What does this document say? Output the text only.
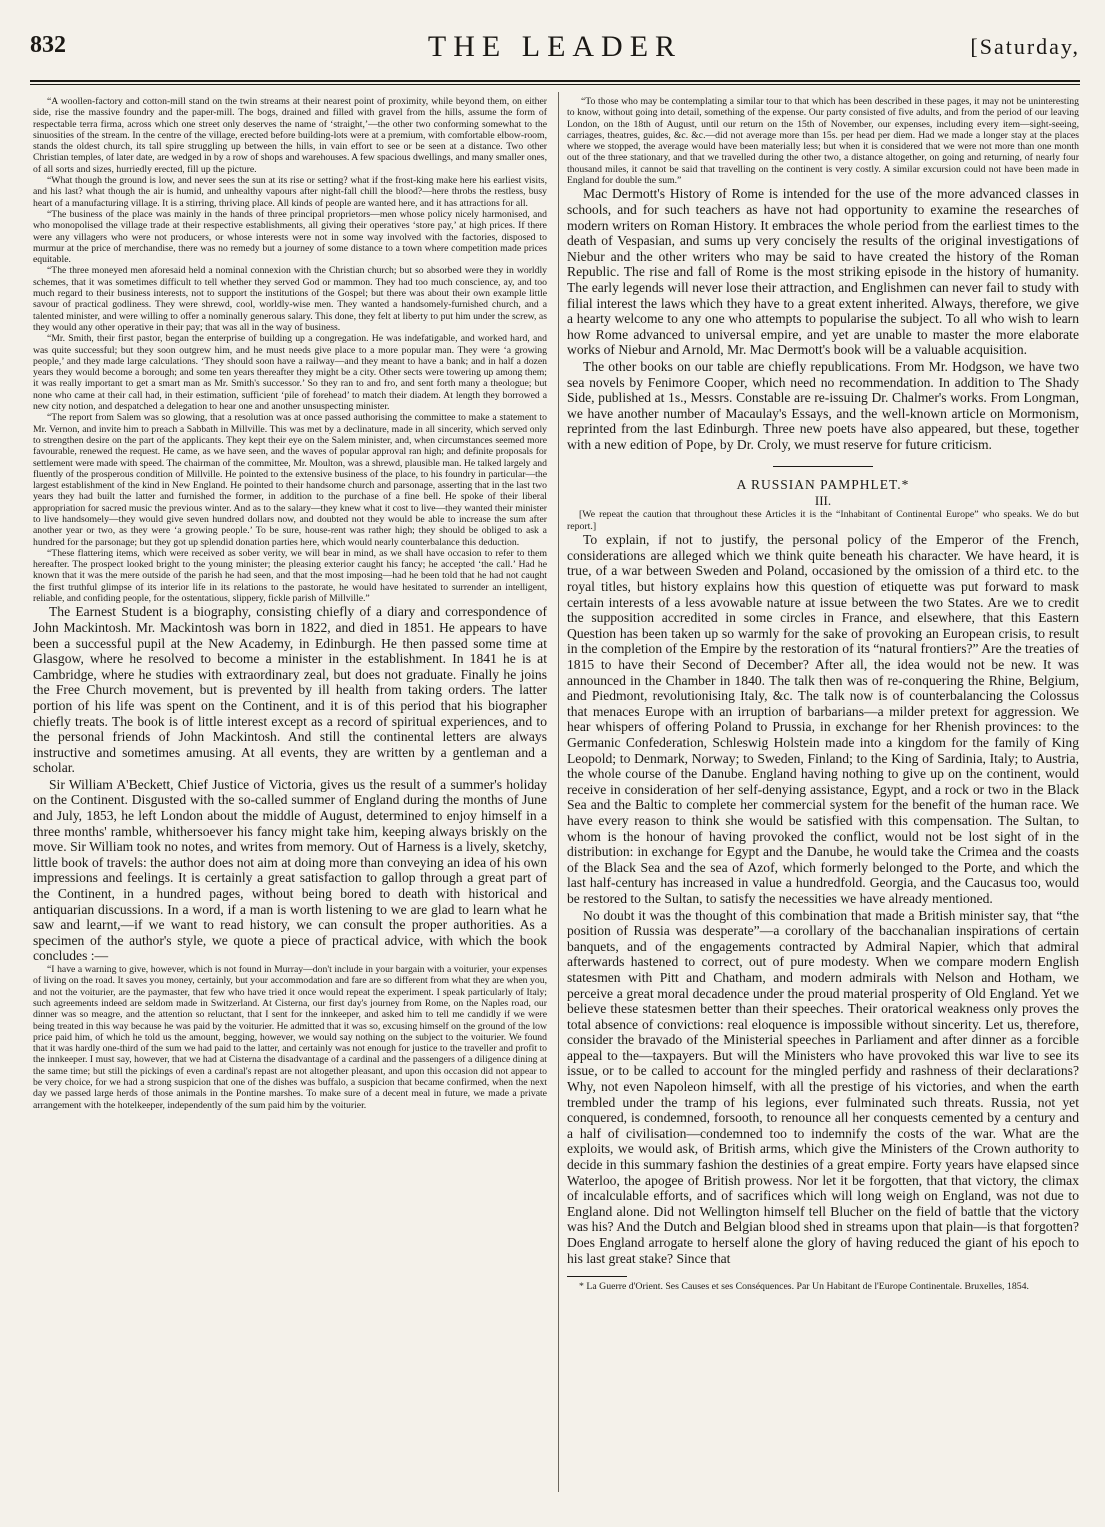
832	THE LEADER	[Saturday,

“A woollen-factory and cotton-mill stand on the twin streams at their nearest point of proximity, while beyond them, on either side, rise the massive foundry and the paper-mill. The bogs, drained and filled with gravel from the hills, assume the form of respectable terra firma, across which one street only deserves the name of ‘straight,’—the other two conforming somewhat to the sinuosities of the stream. In the centre of the village, erected before building-lots were at a premium, with comfortable elbow-room, stands the oldest church, its tall spire struggling up between the hills, in vain effort to see or be seen at a distance. Two other Christian temples, of later date, are wedged in by a row of shops and warehouses. A few spacious dwellings, and many smaller ones, of all sorts and sizes, hurriedly erected, fill up the picture.

“What though the ground is low, and never sees the sun at its rise or setting? what if the frost-king make here his earliest visits, and his last? what though the air is humid, and unhealthy vapours after night-fall chill the blood?—here throbs the restless, busy heart of a manufacturing village. It is a stirring, thriving place. All kinds of people are wanted here, and it has attractions for all.

“The business of the place was mainly in the hands of three principal proprietors—men whose policy nicely harmonised, and who monopolised the village trade at their respective establishments, all giving their operatives ‘store pay,’ at high prices. If there were any villagers who were not producers, or whose interests were not in some way involved with the factories, disposed to murmur at the price of merchandise, there was no remedy but a journey of some distance to a town where competition made prices equitable.

“The three moneyed men aforesaid held a nominal connexion with the Christian church; but so absorbed were they in worldly schemes, that it was sometimes difficult to tell whether they served God or mammon. They had too much conscience, ay, and too much regard to their business interests, not to support the institutions of the Gospel; but there was about their own example little savour of practical godliness. They were shrewd, cool, worldly-wise men. They wanted a handsomely-furnished church, and a talented minister, and were willing to offer a nominally generous salary. This done, they felt at liberty to put him under the screw, as they would any other operative in their pay; that was all in the way of business.

“Mr. Smith, their first pastor, began the enterprise of building up a congregation. He was indefatigable, and worked hard, and was quite successful; but they soon outgrew him, and he must needs give place to a more popular man. They were ‘a growing people,’ and they made large calculations. ‘They should soon have a railway—and they meant to have a bank; and in half a dozen years they would become a borough; and some ten years thereafter they might be a city. Other sects were towering up among them; it was really important to get a smart man as Mr. Smith's successor.’ So they ran to and fro, and sent forth many a theologue; but none who came at their call had, in their estimation, sufficient ‘pile of forehead’ to match their diadem. At length they borrowed a new city notion, and despatched a delegation to hear one and another unsuspecting minister.

“The report from Salem was so glowing, that a resolution was at once passed authorising the committee to make a statement to Mr. Vernon, and invite him to preach a Sabbath in Millville. This was met by a declinature, made in all sincerity, which served only to strengthen desire on the part of the applicants. They kept their eye on the Salem minister, and, when circumstances seemed more favourable, renewed the request. He came, as we have seen, and the waves of popular approval ran high; and definite proposals for settlement were made with speed. The chairman of the committee, Mr. Moulton, was a shrewd, plausible man. He talked largely and fluently of the prosperous condition of Millville. He pointed to the extensive business of the place, to his foundry in particular—the largest establishment of the kind in New England. He pointed to their handsome church and parsonage, asserting that in the last two years they had built the latter and furnished the former, in addition to the purchase of a fine bell. He spoke of their liberal appropriation for sacred music the previous winter. And as to the salary—they knew what it cost to live—they wanted their minister to live handsomely—they would give seven hundred dollars now, and doubted not they would be able to increase the sum after another year or two, as they were ‘a growing people.’ To be sure, house-rent was rather high; they should be obliged to ask a hundred for the parsonage; but they got up splendid donation parties here, which would nearly counterbalance this deduction.

“These flattering items, which were received as sober verity, we will bear in mind, as we shall have occasion to refer to them hereafter. The prospect looked bright to the young minister; the pleasing exterior caught his fancy; he accepted ‘the call.’ Had he known that it was the mere outside of the parish he had seen, and that the most imposing—had he been told that he had not caught the first truthful glimpse of its interior life in its relations to the pastorate, he would have hesitated to surrender an intelligent, reliable, and confiding people, for the ostentatious, slippery, fickle parish of Millville.”

The Earnest Student is a biography, consisting chiefly of a diary and correspondence of John Mackintosh. Mr. Mackintosh was born in 1822, and died in 1851. He appears to have been a successful pupil at the New Academy, in Edinburgh. He then passed some time at Glasgow, where he resolved to become a minister in the establishment. In 1841 he is at Cambridge, where he studies with extraordinary zeal, but does not graduate. Finally he joins the Free Church movement, but is prevented by ill health from taking orders. The latter portion of his life was spent on the Continent, and it is of this period that his biographer chiefly treats. The book is of little interest except as a record of spiritual experiences, and to the personal friends of John Mackintosh. And still the continental letters are always instructive and sometimes amusing. At all events, they are written by a gentleman and a scholar.

Sir William A'Beckett, Chief Justice of Victoria, gives us the result of a summer's holiday on the Continent. Disgusted with the so-called summer of England during the months of June and July, 1853, he left London about the middle of August, determined to enjoy himself in a three months' ramble, whithersoever his fancy might take him, keeping always briskly on the move. Sir William took no notes, and writes from memory. Out of Harness is a lively, sketchy, little book of travels: the author does not aim at doing more than conveying an idea of his own impressions and feelings. It is certainly a great satisfaction to gallop through a great part of the Continent, in a hundred pages, without being bored to death with historical and antiquarian discussions. In a word, if a man is worth listening to we are glad to learn what he saw and learnt,—if we want to read history, we can consult the proper authorities. As a specimen of the author's style, we quote a piece of practical advice, with which the book concludes :—

“I have a warning to give, however, which is not found in Murray—don't include in your bargain with a voiturier, your expenses of living on the road. It saves you money, certainly, but your accommodation and fare are so different from what they are when you, and not the voiturier, are the paymaster, that few who have tried it once would repeat the experiment. I speak particularly of Italy; such agreements indeed are seldom made in Switzerland. At Cisterna, our first day's journey from Rome, on the Naples road, our dinner was so meagre, and the attention so reluctant, that I sent for the innkeeper, and asked him to tell me candidly if we were being treated in this way because he was paid by the voiturier. He admitted that it was so, excusing himself on the ground of the low price paid him, of which he told us the amount, begging, however, we would say nothing on the subject to the voiturier. We found that it was hardly one-third of the sum we had paid to the latter, and certainly was not enough for justice to the traveller and profit to the innkeeper. I must say, however, that we had at Cisterna the disadvantage of a cardinal and the passengers of a diligence dining at the same time; but still the pickings of even a cardinal's repast are not altogether pleasant, and upon this occasion did not appear to be very choice, for we had a strong suspicion that one of the dishes was buffalo, a suspicion that became confirmed, when the next day we passed large herds of those animals in the Pontine marshes. To make sure of a decent meal in future, we made a private arrangement with the hotelkeeper, independently of the sum paid him by the voiturier.

“To those who may be contemplating a similar tour to that which has been described in these pages, it may not be uninteresting to know, without going into detail, something of the expense. Our party consisted of five adults, and from the period of our leaving London, on the 18th of August, until our return on the 15th of November, our expenses, including every item—sight-seeing, carriages, theatres, guides, &c. &c.—did not average more than 15s. per head per diem. Had we made a longer stay at the places where we stopped, the average would have been materially less; but when it is considered that we were not more than one month out of the three stationary, and that we travelled during the other two, a distance altogether, on going and returning, of nearly four thousand miles, it cannot be said that travelling on the continent is very costly. A similar excursion could not have been made in England for double the sum.”

Mac Dermott's History of Rome is intended for the use of the more advanced classes in schools, and for such teachers as have not had opportunity to examine the researches of modern writers on Roman History. It embraces the whole period from the earliest times to the death of Vespasian, and sums up very concisely the results of the original investigations of Niebur and the other writers who may be said to have created the history of the Roman Republic. The rise and fall of Rome is the most striking episode in the history of humanity. The early legends will never lose their attraction, and Englishmen can never fail to study with filial interest the laws which they have to a great extent inherited. Always, therefore, we give a hearty welcome to any one who attempts to popularise the subject. To all who wish to learn how Rome advanced to universal empire, and yet are unable to master the more elaborate works of Niebur and Arnold, Mr. Mac Dermott's book will be a valuable acquisition.

The other books on our table are chiefly republications. From Mr. Hodgson, we have two sea novels by Fenimore Cooper, which need no recommendation. In addition to The Shady Side, published at 1s., Messrs. Constable are re-issuing Dr. Chalmer's works. From Longman, we have another number of Macaulay's Essays, and the well-known article on Mormonism, reprinted from the last Edinburgh. Three new poets have also appeared, but these, together with a new edition of Pope, by Dr. Croly, we must reserve for future criticism.

A RUSSIAN PAMPHLET.*

III.

[We repeat the caution that throughout these Articles it is the “Inhabitant of Continental Europe” who speaks. We do but report.]

To explain, if not to justify, the personal policy of the Emperor of the French, considerations are alleged which we think quite beneath his character. We have heard, it is true, of a war between Sweden and Poland, occasioned by the omission of a third etc. to the royal titles, but history explains how this question of etiquette was put forward to mask certain interests of a less avowable nature at issue between the two States. Are we to credit the supposition accredited in some circles in France, and elsewhere, that this Eastern Question has been taken up so warmly for the sake of provoking an European crisis, to result in the completion of the Empire by the restoration of its “natural frontiers?” Are the treaties of 1815 to have their Second of December? After all, the idea would not be new. It was announced in the Chamber in 1840. The talk then was of re-conquering the Rhine, Belgium, and Piedmont, revolutionising Italy, &c. The talk now is of counterbalancing the Colossus that menaces Europe with an irruption of barbarians—a milder pretext for aggression. We hear whispers of offering Poland to Prussia, in exchange for her Rhenish provinces: to the Germanic Confederation, Schleswig Holstein made into a kingdom for the family of King Leopold; to Denmark, Norway; to Sweden, Finland; to the King of Sardinia, Italy; to Austria, the whole course of the Danube. England having nothing to give up on the continent, would receive in consideration of her self-denying assistance, Egypt, and a rock or two in the Black Sea and the Baltic to complete her commercial system for the benefit of the human race. We have every reason to think she would be satisfied with this compensation. The Sultan, to whom is the honour of having provoked the conflict, would not be lost sight of in the distribution: in exchange for Egypt and the Danube, he would take the Crimea and the coasts of the Black Sea and the sea of Azof, which formerly belonged to the Porte, and which the last half-century has increased in value a hundredfold. Georgia, and the Caucasus too, would be restored to the Sultan, to satisfy the necessities we have already mentioned.

No doubt it was the thought of this combination that made a British minister say, that “the position of Russia was desperate”—a corollary of the bacchanalian inspirations of certain banquets, and of the engagements contracted by Admiral Napier, which that admiral afterwards hastened to correct, out of pure modesty. When we compare modern English statesmen with Pitt and Chatham, and modern admirals with Nelson and Hotham, we perceive a great moral decadence under the proud material prosperity of Old England. Yet we believe these statesmen better than their speeches. Their oratorical weakness only proves the total absence of convictions: real eloquence is impossible without sincerity. Let us, therefore, consider the bravado of the Ministerial speeches in Parliament and after dinner as a forcible appeal to the—taxpayers. But will the Ministers who have provoked this war live to see its issue, or to be called to account for the mingled perfidy and rashness of their declarations? Why, not even Napoleon himself, with all the prestige of his victories, and when the earth trembled under the tramp of his legions, ever fulminated such threats. Russia, not yet conquered, is condemned, forsooth, to renounce all her conquests cemented by a century and a half of civilisation—condemned too to indemnify the costs of the war. What are the exploits, we would ask, of British arms, which give the Ministers of the Crown authority to decide in this summary fashion the destinies of a great empire. Forty years have elapsed since Waterloo, the apogee of British prowess. Nor let it be forgotten, that that victory, the climax of incalculable efforts, and of sacrifices which will long weigh on England, was not due to England alone. Did not Wellington himself tell Blucher on the field of battle that the victory was his? And the Dutch and Belgian blood shed in streams upon that plain—is that forgotten? Does England arrogate to herself alone the glory of having reduced the giant of his epoch to his last great stake? Since that

* La Guerre d'Orient. Ses Causes et ses Conséquences. Par Un Habitant de l'Europe Continentale. Bruxelles, 1854.
